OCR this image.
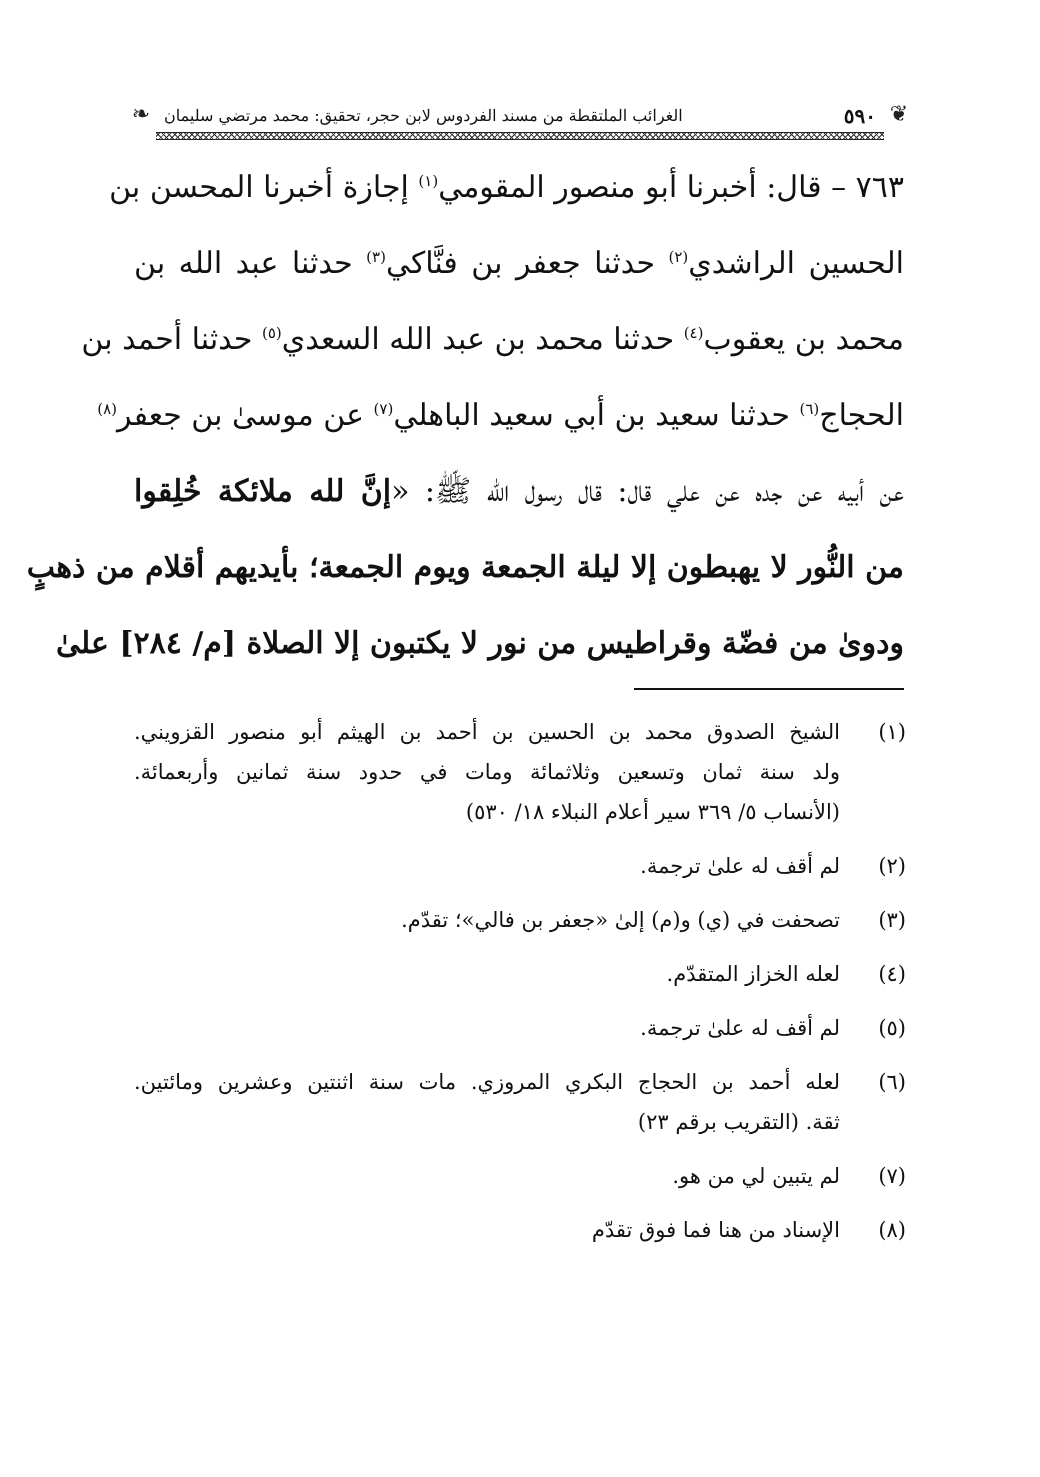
❦
٥٩٠
الغرائب الملتقطة من مسند الفردوس لابن حجر، تحقيق: محمد مرتضي سليمان
❧
٧٦٣ – قال: أخبرنا أبو منصور المقومي$^{(١)}$ إجازة أخبرنا المحسن بن
الحسين الراشدي$^{(٢)}$ حدثنا جعفر بن فنَّاكي$^{(٣)}$ حدثنا عبد الله بن
محمد بن يعقوب$^{(٤)}$ حدثنا محمد بن عبد الله السعدي$^{(٥)}$ حدثنا أحمد بن
الحجاج$^{(٦)}$ حدثنا سعيد بن أبي سعيد الباهلي$^{(٧)}$ عن موسىٰ بن جعفر$^{(٨)}$
عن أبيه عن جده عن علي قال: قال رسول الله ﷺ: «إنَّ لله ملائكة خُلِقوا
من النُّور لا يهبطون إلا ليلة الجمعة ويوم الجمعة؛ بأيديهم أقلام من ذهبٍ
ودوىٰ من فضّة وقراطيس من نور لا يكتبون إلا الصلاة [م/ ٢٨٤] علىٰ
(١)
الشيخ الصدوق محمد بن الحسين بن أحمد بن الهيثم أبو منصور القزويني.
ولد سنة ثمان وتسعين وثلاثمائة ومات في حدود سنة ثمانين وأربعمائة.
(الأنساب ٥/ ٣٦٩ سير أعلام النبلاء ١٨/ ٥٣٠)
(٢)
لم أقف له علىٰ ترجمة.
(٣)
تصحفت في (ي) و(م) إلىٰ «جعفر بن فالي»؛ تقدّم.
(٤)
لعله الخزاز المتقدّم.
(٥)
لم أقف له علىٰ ترجمة.
(٦)
لعله أحمد بن الحجاج البكري المروزي. مات سنة اثنتين وعشرين ومائتين.
ثقة. (التقريب برقم ٢٣)
(٧)
لم يتبين لي من هو.
(٨)
الإسناد من هنا فما فوق تقدّم
